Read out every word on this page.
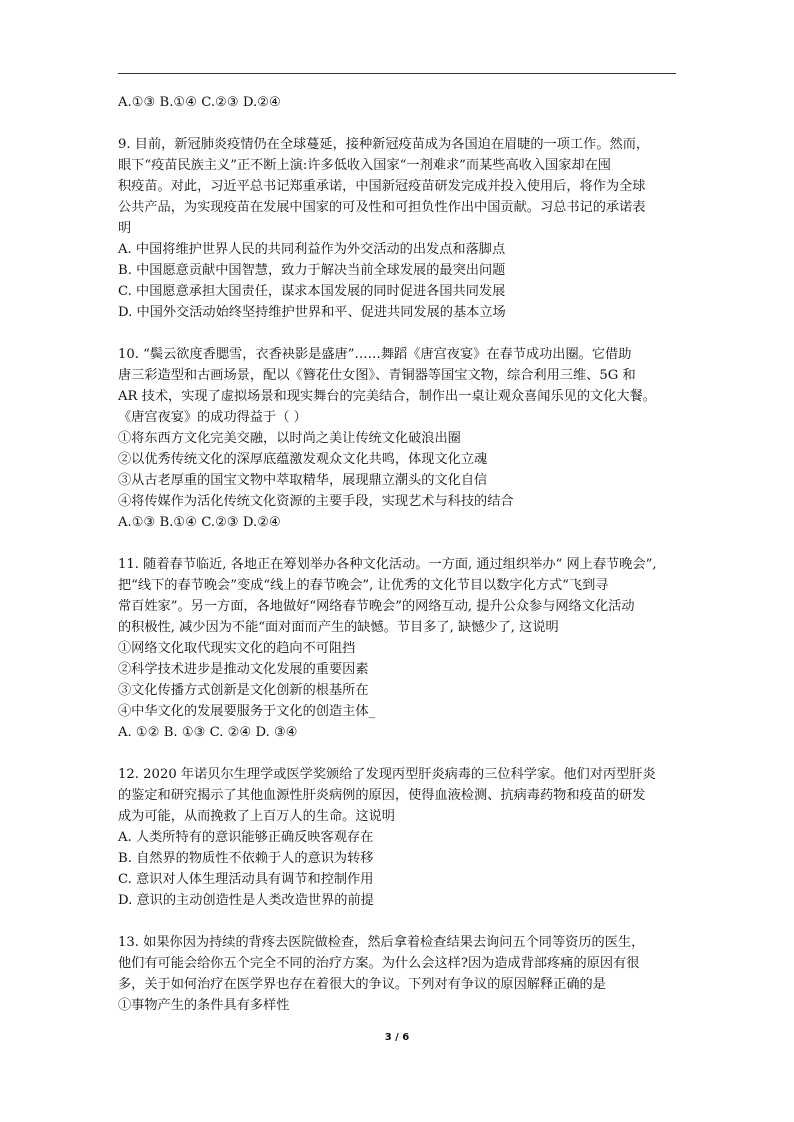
A.①③ B.①④ C.②③ D.②④
9. 目前，新冠肺炎疫情仍在全球蔓延，接种新冠疫苗成为各国迫在眉睫的一项工作。然而，
眼下“疫苗民族主义”正不断上演:许多低收入国家“一剂难求”而某些高收入国家却在囤
积疫苗。对此，习近平总书记郑重承诺，中国新冠疫苗研发完成并投入使用后，将作为全球
公共产品，为实现疫苗在发展中国家的可及性和可担负性作出中国贡献。习总书记的承诺表
明
A. 中国将维护世界人民的共同利益作为外交活动的出发点和落脚点
B. 中国愿意贡献中国智慧，致力于解决当前全球发展的最突出问题
C. 中国愿意承担大国责任，谋求本国发展的同时促进各国共同发展
D. 中国外交活动始终坚持维护世界和平、促进共同发展的基本立场
10. “鬓云欲度香腮雪，衣香袂影是盛唐”……舞蹈《唐宫夜宴》在春节成功出圈。它借助
唐三彩造型和古画场景，配以《簪花仕女图》、青铜器等国宝文物，综合利用三维、5G 和
AR 技术，实现了虚拟场景和现实舞台的完美结合，制作出一桌让观众喜闻乐见的文化大餐。
《唐宫夜宴》的成功得益于（ ）
①将东西方文化完美交融，以时尚之美让传统文化破浪出圈
②以优秀传统文化的深厚底蕴激发观众文化共鸣，体现文化立魂
③从古老厚重的国宝文物中萃取精华，展现鼎立潮头的文化自信
④将传媒作为活化传统文化资源的主要手段，实现艺术与科技的结合
A.①③ B.①④ C.②③ D.②④
11. 随着春节临近, 各地正在筹划举办各种文化活动。一方面, 通过组织举办“ 网上春节晚会”,
把“线下的春节晚会”变成“线上的春节晚会”, 让优秀的文化节目以数字化方式“飞到寻
常百姓家”。另一方面，各地做好“网络春节晚会”的网络互动, 提升公众参与网络文化活动
的积极性, 减少因为不能“面对面而产生的缺憾。节目多了, 缺憾少了, 这说明
①网络文化取代现实文化的趋向不可阻挡
②科学技术进步是推动文化发展的重要因素
③文化传播方式创新是文化创新的根基所在
④中华文化的发展要服务于文化的创造主体_
A. ①② B. ①③ C. ②④ D. ③④
12. 2020 年诺贝尔生理学或医学奖颁给了发现丙型肝炎病毒的三位科学家。他们对丙型肝炎
的鉴定和研究揭示了其他血源性肝炎病例的原因，使得血液检测、抗病毒药物和疫苗的研发
成为可能，从而挽救了上百万人的生命。这说明
A. 人类所特有的意识能够正确反映客观存在
B. 自然界的物质性不依赖于人的意识为转移
C. 意识对人体生理活动具有调节和控制作用
D. 意识的主动创造性是人类改造世界的前提
13. 如果你因为持续的背疼去医院做检查，然后拿着检查结果去询问五个同等资历的医生，
他们有可能会给你五个完全不同的治疗方案。为什么会这样?因为造成背部疼痛的原因有很
多，关于如何治疗在医学界也存在着很大的争议。下列对有争议的原因解释正确的是
①事物产生的条件具有多样性
3 / 6
